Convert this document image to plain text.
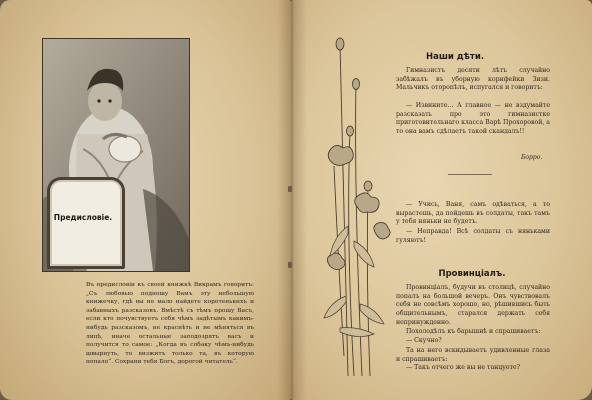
Предисловіе.
Въ предисловіи къ своей книжкѣ Викрамъ говоритъ: „Съ любовью подношу Вамъ эту небольшую книжечку, гдѣ вы не мало найдете коротенькихъ и забавныхъ разсказовъ. Вмѣстѣ съ тѣмъ прошу Васъ, если кто почувствуетъ себя чѣмъ задѣтымъ какимъ-нибудь разсказомъ, не краснѣть и не мѣняться въ лицѣ, иначе остальные заподозрятъ васъ и получится то самое: „Когда въ собаку чѣмъ-нибудь швырнуть, то визжитъ только та, въ которую попало“. Сохрани тебя Богъ, дорогой читатель“.
Наши дѣти.
Гимназистъ десяти лѣтъ случайно забѣжалъ въ уборную корифейки Зизи. Мальчикъ оторопѣлъ, испугался и говоритъ:
— Извините... А главное — не вздумайте разсказать про это гимназистке приготовительнаго класса Варѣ Прохоровой, а то она вамъ сдѣлаетъ такой скандалъ!!
Борро.
— Учись, Ваня, самъ одѣваться, а то вырастешь, да пойдешь въ солдаты, такъ тамъ у тебя няньки не будетъ.
— Неправда! Всѣ солдаты съ няньками гуляютъ!
Провинціалъ.
Провинціалъ, будучи въ столицѣ, случайно попалъ на большой вечеръ. Онъ чувствовалъ себя не совсѣмъ хорошо, но, рѣшившись быть общительнымъ, старался держать себя непринужденно.
Похолодѣлъ къ барышнѣ и спрашиваетъ:
— Скучно?
Та на него вскидываетъ удивленные глаза и спрашиваетъ:
— Такъ отчего же вы не танцуете?
